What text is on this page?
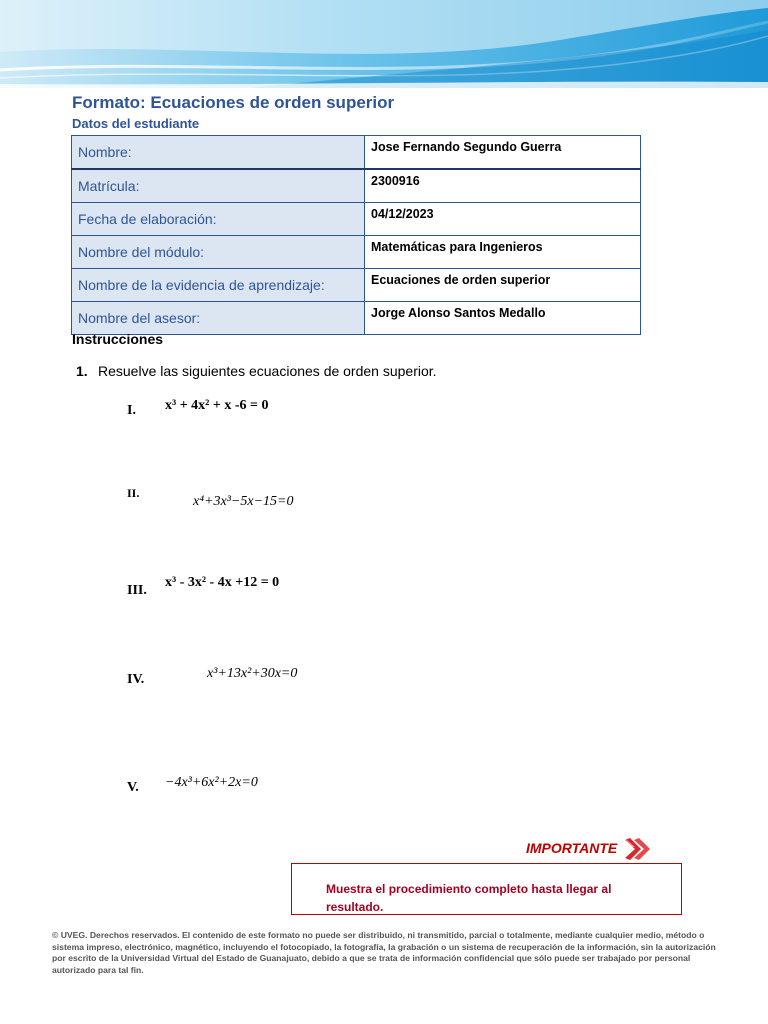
Formato: Ecuaciones de orden superior
Datos del estudiante
Nombre:	Jose Fernando Segundo Guerra
Matrícula:	2300916
Fecha de elaboración:	04/12/2023
Nombre del módulo:	Matemáticas para Ingenieros
Nombre de la evidencia de aprendizaje:	Ecuaciones de orden superior
Nombre del asesor:	Jorge Alonso Santos Medallo
Instrucciones
1. Resuelve las siguientes ecuaciones de orden superior.
I. x³ + 4x² + x -6 = 0
II.
x⁴+3x³−5x−15=0
III.
x³ - 3x² - 4x +12 = 0
IV.	x³+13x²+30x=0
V. −4x³+6x²+2x=0
IMPORTANTE
Muestra el procedimiento completo hasta llegar al resultado.
© UVEG. Derechos reservados. El contenido de este formato no puede ser distribuido, ni transmitido, parcial o totalmente, mediante cualquier medio, método o sistema impreso, electrónico, magnético, incluyendo el fotocopiado, la fotografía, la grabación o un sistema de recuperación de la información, sin la autorización por escrito de la Universidad Virtual del Estado de Guanajuato, debido a que se trata de información confidencial que sólo puede ser trabajado por personal autorizado para tal fin.
